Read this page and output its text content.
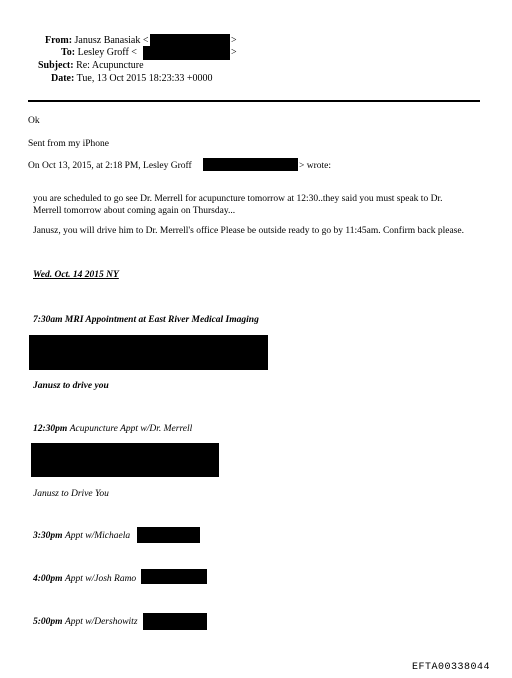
From: Janusz Banasiak <	>
To: Lesley Groff <	>
Subject: Re: Acupuncture
Date: Tue, 13 Oct 2015 18:23:33 +0000
Ok
Sent from my iPhone
On Oct 13, 2015, at 2:18 PM, Lesley Groff	> wrote:
you are scheduled to go see Dr. Merrell for acupuncture tomorrow at 12:30..they said you must speak to Dr. Merrell tomorrow about coming again on Thursday...
Janusz, you will drive him to Dr. Merrell's office Please be outside ready to go by 11:45am. Confirm back please.
Wed. Oct. 14 2015 NY
7:30am MRI Appointment at East River Medical Imaging
Janusz to drive you
12:30pm Acupuncture Appt w/Dr. Merrell
Janusz to Drive You
3:30pm Appt w/Michaela
4:00pm Appt w/Josh Ramo
5:00pm Appt w/Dershowitz
EFTA00338044
